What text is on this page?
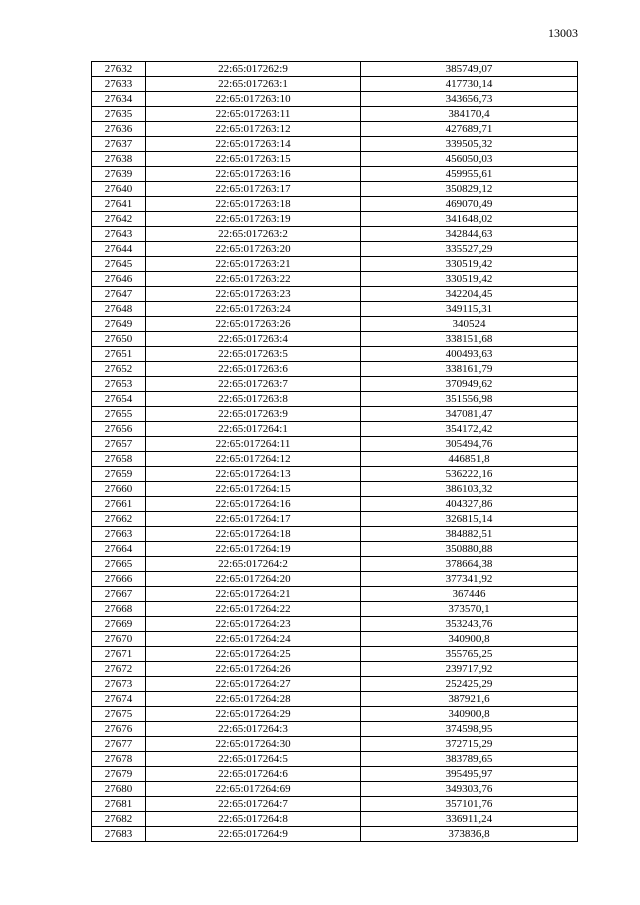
13003
27632	22:65:017262:9	385749,07
27633	22:65:017263:1	417730,14
27634	22:65:017263:10	343656,73
27635	22:65:017263:11	384170,4
27636	22:65:017263:12	427689,71
27637	22:65:017263:14	339505,32
27638	22:65:017263:15	456050,03
27639	22:65:017263:16	459955,61
27640	22:65:017263:17	350829,12
27641	22:65:017263:18	469070,49
27642	22:65:017263:19	341648,02
27643	22:65:017263:2	342844,63
27644	22:65:017263:20	335527,29
27645	22:65:017263:21	330519,42
27646	22:65:017263:22	330519,42
27647	22:65:017263:23	342204,45
27648	22:65:017263:24	349115,31
27649	22:65:017263:26	340524
27650	22:65:017263:4	338151,68
27651	22:65:017263:5	400493,63
27652	22:65:017263:6	338161,79
27653	22:65:017263:7	370949,62
27654	22:65:017263:8	351556,98
27655	22:65:017263:9	347081,47
27656	22:65:017264:1	354172,42
27657	22:65:017264:11	305494,76
27658	22:65:017264:12	446851,8
27659	22:65:017264:13	536222,16
27660	22:65:017264:15	386103,32
27661	22:65:017264:16	404327,86
27662	22:65:017264:17	326815,14
27663	22:65:017264:18	384882,51
27664	22:65:017264:19	350880,88
27665	22:65:017264:2	378664,38
27666	22:65:017264:20	377341,92
27667	22:65:017264:21	367446
27668	22:65:017264:22	373570,1
27669	22:65:017264:23	353243,76
27670	22:65:017264:24	340900,8
27671	22:65:017264:25	355765,25
27672	22:65:017264:26	239717,92
27673	22:65:017264:27	252425,29
27674	22:65:017264:28	387921,6
27675	22:65:017264:29	340900,8
27676	22:65:017264:3	374598,95
27677	22:65:017264:30	372715,29
27678	22:65:017264:5	383789,65
27679	22:65:017264:6	395495,97
27680	22:65:017264:69	349303,76
27681	22:65:017264:7	357101,76
27682	22:65:017264:8	336911,24
27683	22:65:017264:9	373836,8
